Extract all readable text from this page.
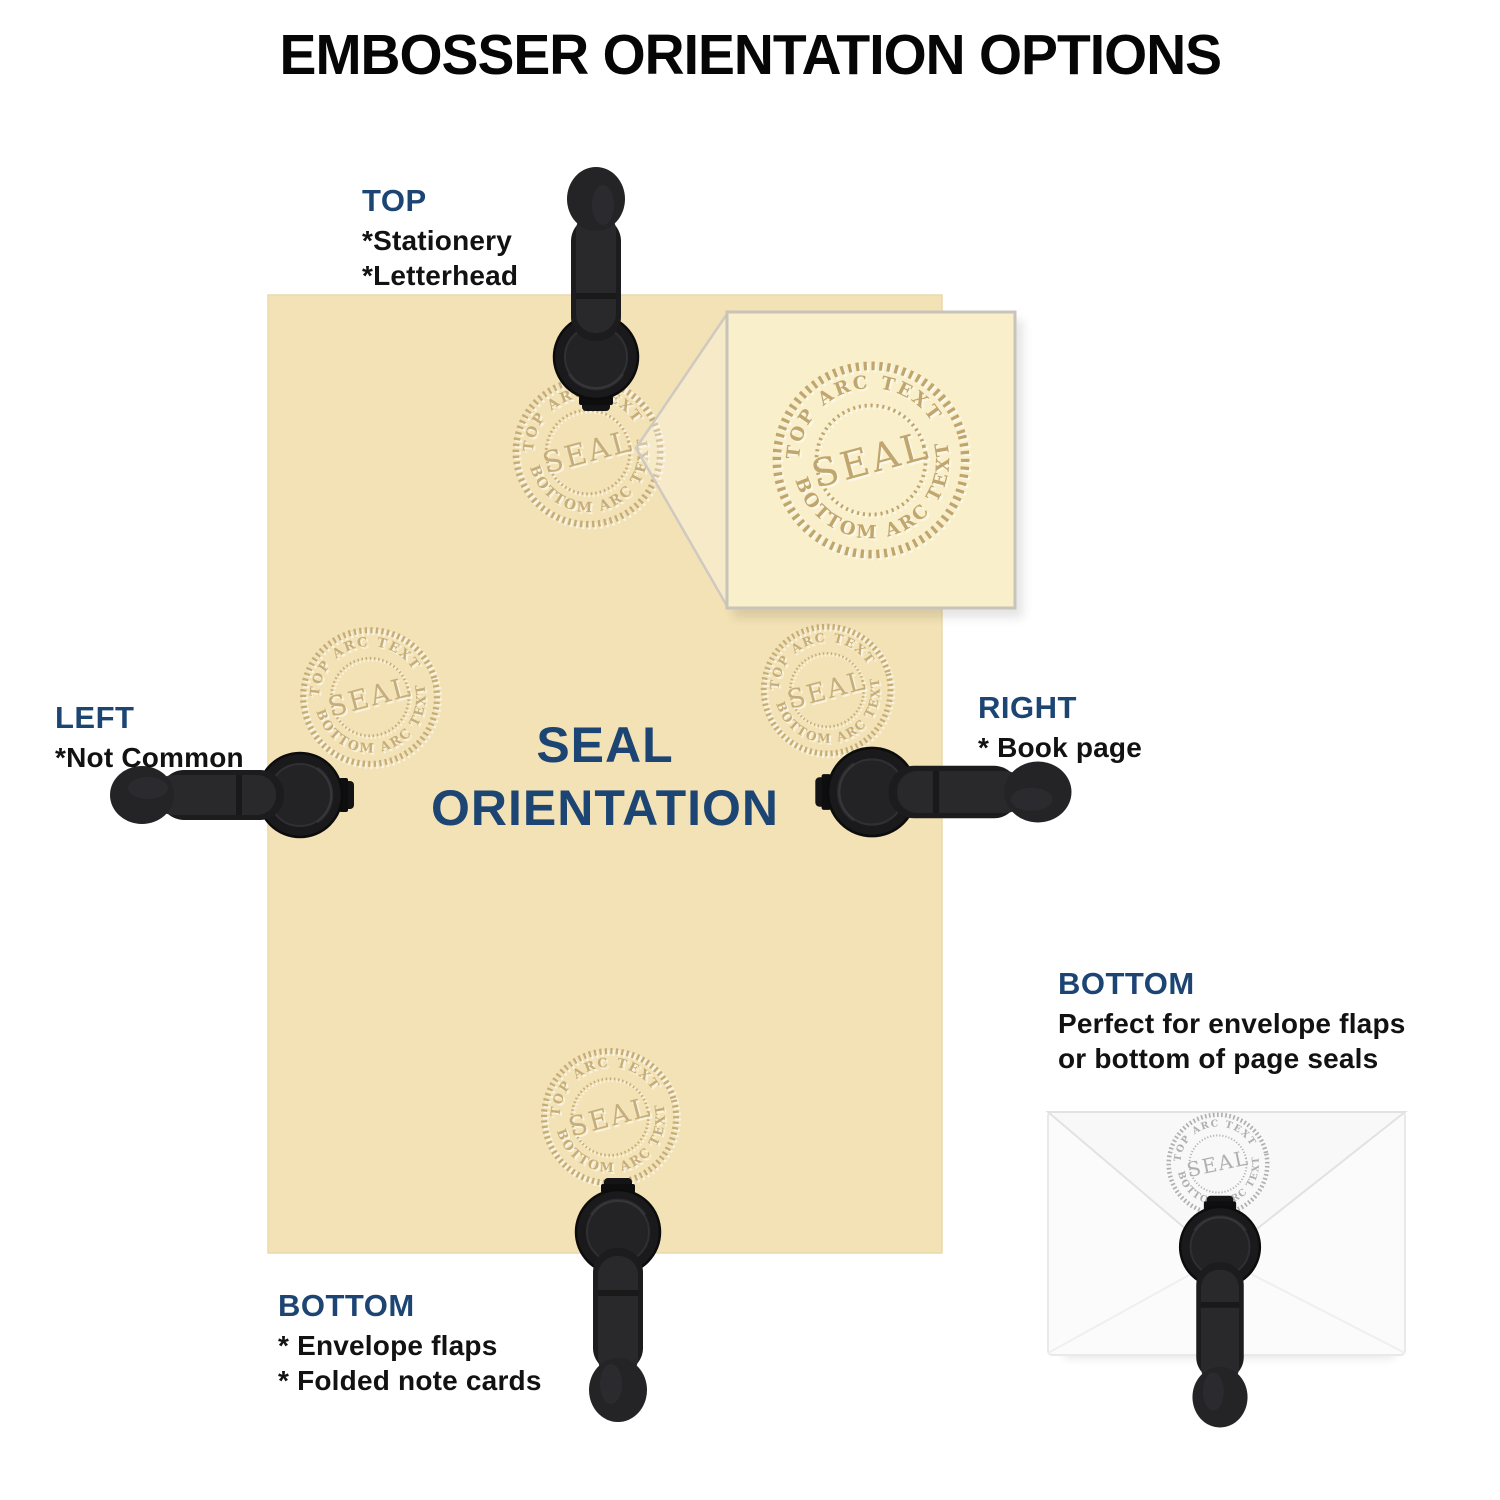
TOP ARC TEXT
BOTTOM ARC TEXT
SEAL
EMBOSSER ORIENTATION OPTIONS
TOP
*Stationery
*Letterhead
LEFT
*Not Common
RIGHT
* Book page
BOTTOM
* Envelope flaps
* Folded note cards
BOTTOM
Perfect for envelope flaps
or bottom of page seals
SEAL
ORIENTATION
